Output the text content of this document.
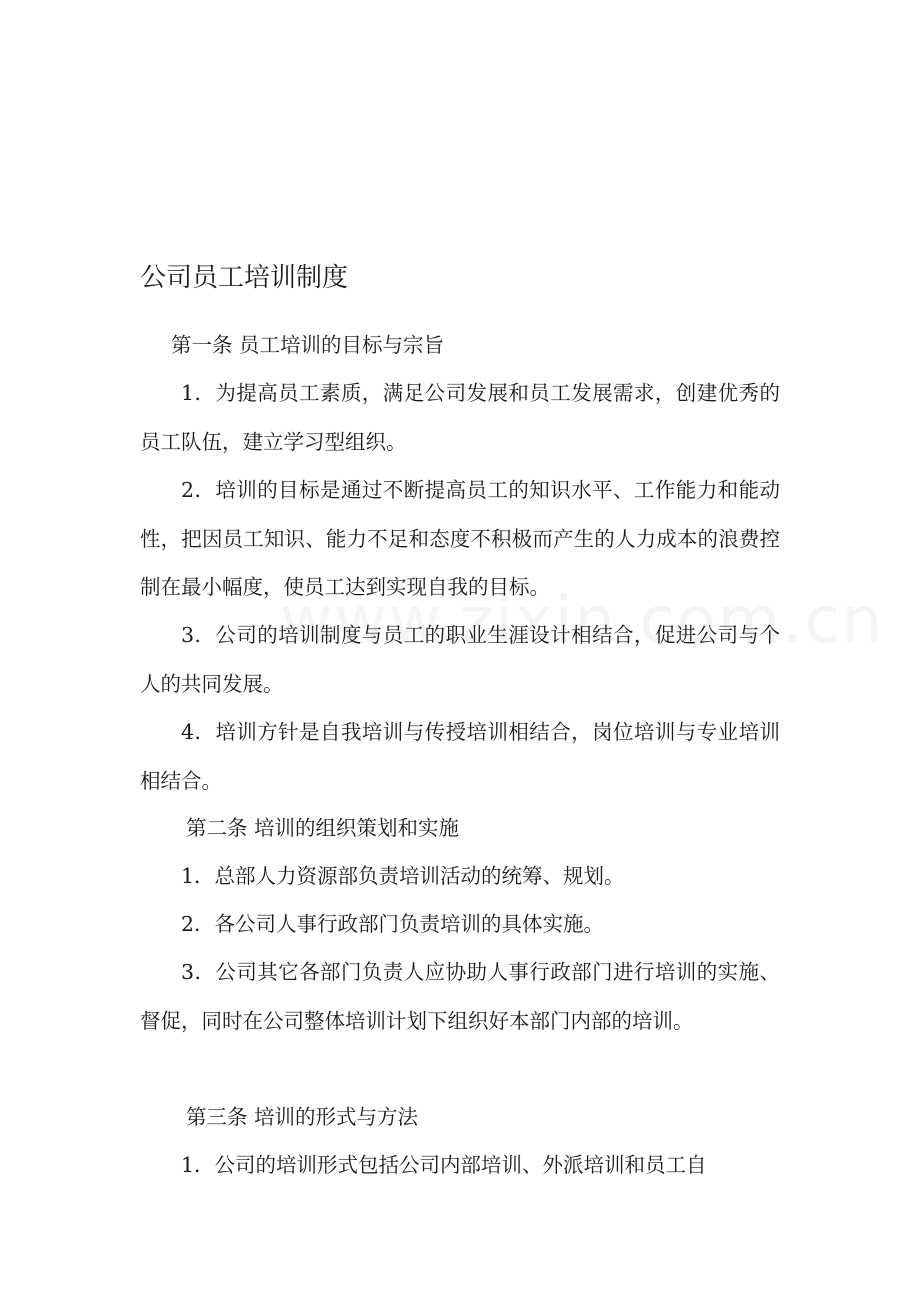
公司员工培训制度

第一条 员工培训的目标与宗旨

1．为提高员工素质，满足公司发展和员工发展需求，创建优秀的员工队伍，建立学习型组织。

2．培训的目标是通过不断提高员工的知识水平、工作能力和能动性，把因员工知识、能力不足和态度不积极而产生的人力成本的浪费控制在最小幅度，使员工达到实现自我的目标。

3．公司的培训制度与员工的职业生涯设计相结合，促进公司与个人的共同发展。

4．培训方针是自我培训与传授培训相结合，岗位培训与专业培训相结合。

第二条 培训的组织策划和实施

1．总部人力资源部负责培训活动的统筹、规划。

2．各公司人事行政部门负责培训的具体实施。

3．公司其它各部门负责人应协助人事行政部门进行培训的实施、督促，同时在公司整体培训计划下组织好本部门内部的培训。

第三条 培训的形式与方法

1．公司的培训形式包括公司内部培训、外派培训和员工自
